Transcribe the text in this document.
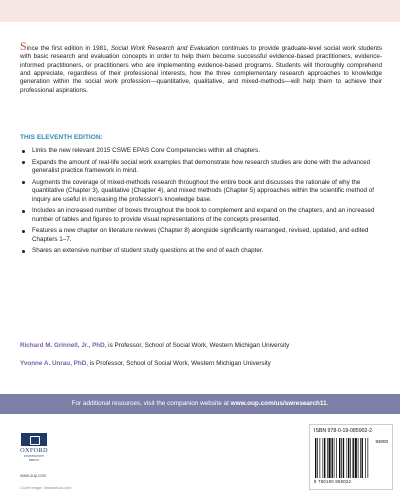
Since the first edition in 1981, Social Work Research and Evaluation continues to provide graduate-level social work students with basic research and evaluation concepts in order to help them become successful evidence-based practitioners, evidence-informed practitioners, or practitioners who are implementing evidence-based programs. Students will thoroughly comprehend and appreciate, regardless of their professional interests, how the three complementary research approaches to knowledge generation within the social work profession—quantitative, qualitative, and mixed-methods—will help them to achieve their professional aspirations.

THIS ELEVENTH EDITION:

Links the new relevant 2015 CSWE EPAS Core Competencies within all chapters.
Expands the amount of real-life social work examples that demonstrate how research studies are done with the advanced generalist practice framework in mind.
Augments the coverage of mixed-methods research throughout the entire book and discusses the rationale of why the quantitative (Chapter 3), qualitative (Chapter 4), and mixed methods (Chapter 5) approaches within the scientific method of inquiry are useful in increasing the profession's knowledge base.
Includes an increased number of boxes throughout the book to complement and expand on the chapters, and an increased number of tables and figures to provide visual representations of the concepts presented.
Features a new chapter on literature reviews (Chapter 8) alongside significantly rearranged, revised, updated, and edited Chapters 1–7.
Shares an extensive number of student study questions at the end of each chapter.

Richard M. Grinnell, Jr., PhD, is Professor, School of Social Work, Western Michigan University

Yvonne A. Unrau, PhD, is Professor, School of Social Work, Western Michigan University

For additional resources, visit the companion website at www.oup.com/us/swresearch11.
OXFORD
UNIVERSITY PRESS
www.oup.com
Cover image: Vectorstock.com
ISBN 978-0-19-085902-2
93000
9 780190 859022
